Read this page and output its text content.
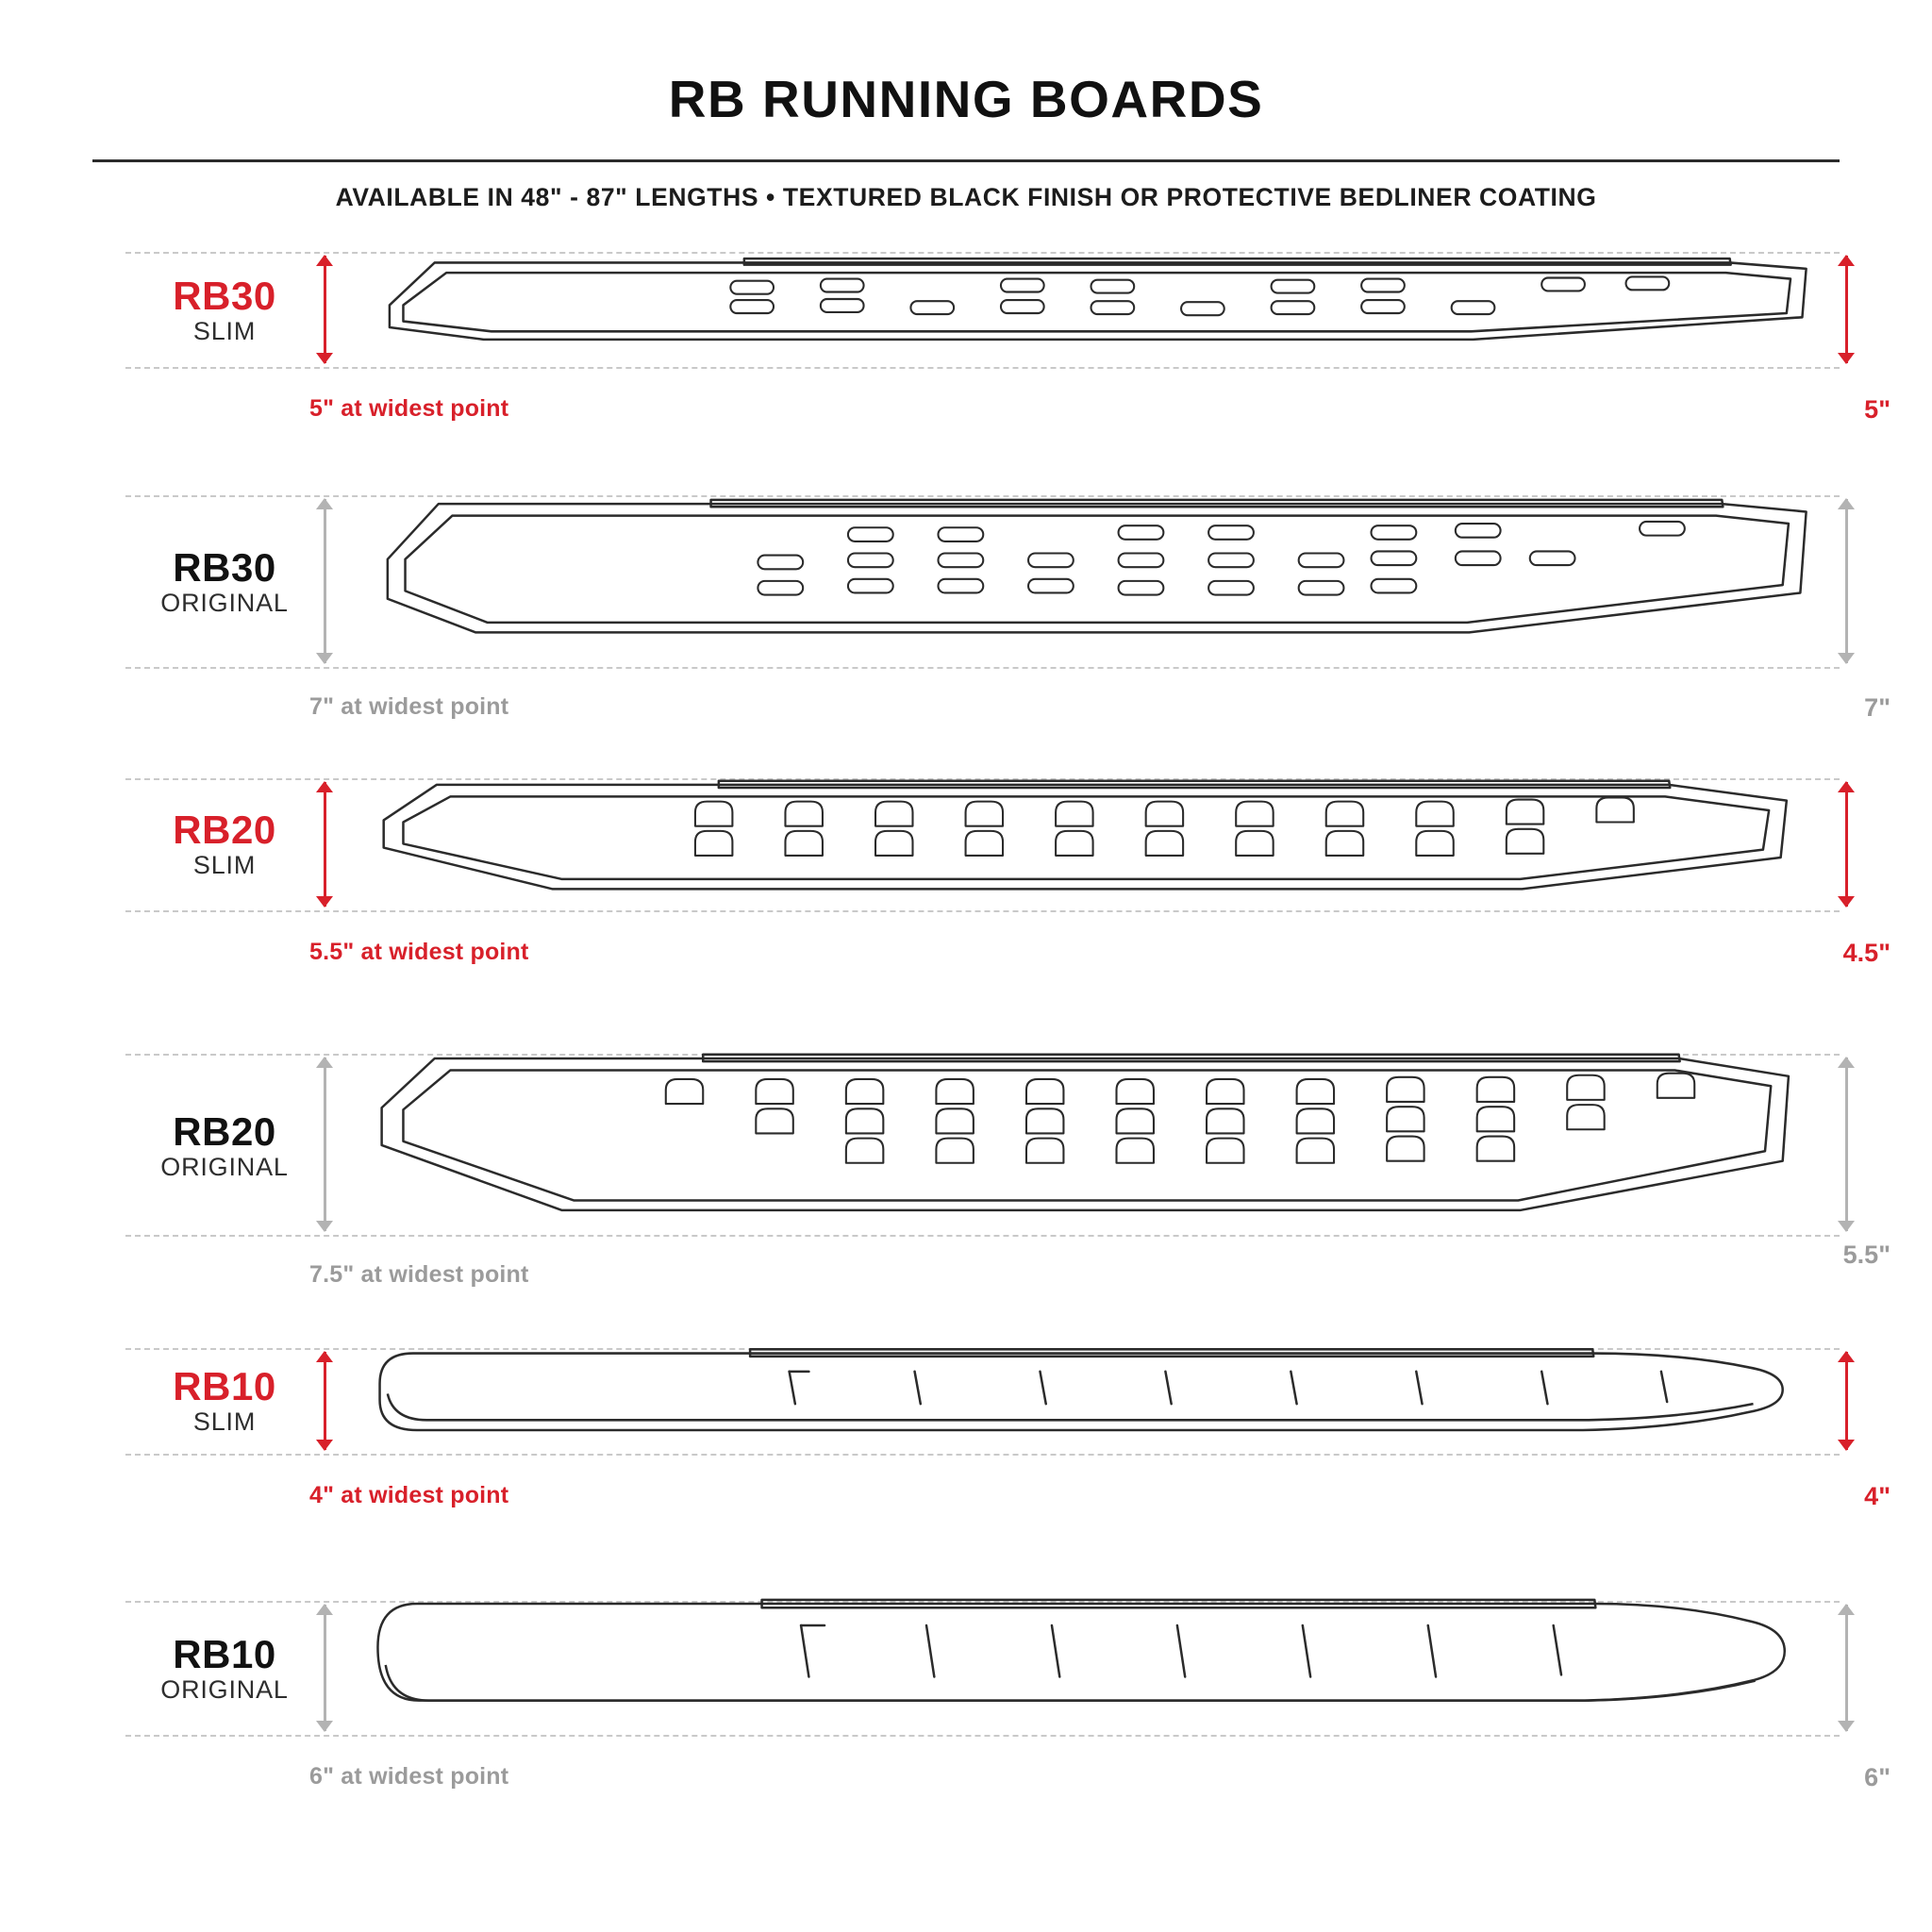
RB RUNNING BOARDS
AVAILABLE IN 48" - 87" LENGTHS • TEXTURED BLACK FINISH OR PROTECTIVE BEDLINER COATING
RB30
SLIM
5" at widest point	5"
RB30
ORIGINAL
7" at widest point	7"
RB20
SLIM
5.5" at widest point	4.5"
RB20
ORIGINAL
7.5" at widest point
5.5"
RB10
SLIM
4" at widest point	4"
RB10
ORIGINAL
6" at widest point	6"
